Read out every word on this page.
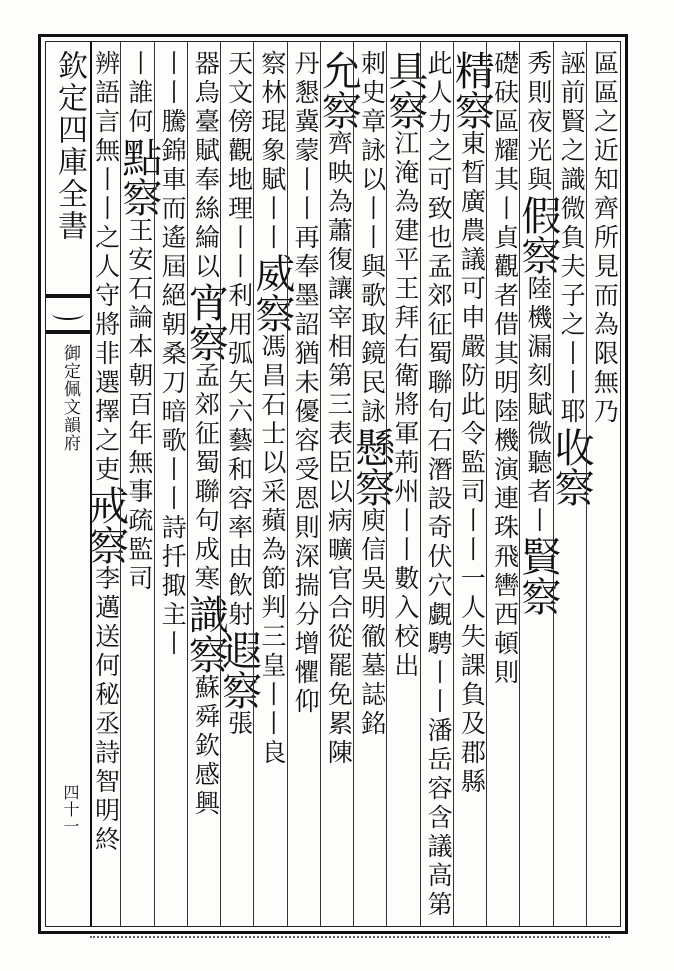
欽定四庫全書
御定佩文韻府
四十一
區區之近知齊所見而為限無乃
誣前賢之識微負夫子之丨丨耶收察
秀則夜光與假察陸機漏刻賦微聽者丨賢察
礎砆區耀其丨貞觀者借其明陸機演連珠飛轡西頓則
精察東晳廣農議可申嚴防此令監司丨丨一人失課負及郡縣
此人力之可致也孟郊征蜀聯句石潛設奇伏穴覷騁丨丨潘岳容含議高第
具察江淹為建平王拜右衛將軍荊州丨丨數入校出
刺史章詠以丨丨與歌取鏡民詠懸察庾信吳明徹墓誌銘
允察齊映為蕭復讓宰相第三表臣以病曠官合從罷免累陳
丹懇冀蒙丨丨再奉墨詔猶未優容受恩則深揣分增懼仰
察林琨象賦丨丨威察馮昌石士以采蘋為節判三皇丨丨良
天文傍觀地理丨丨利用弧矢六藝和容率由飲射遐察張
器烏臺賦奉絲綸以宵察孟郊征蜀聯句成寒識察蘇舜欽感興
丨丨騰錦車而遙屆絕朝桑刀暗歌丨丨詩扦掫主丨
丨誰何點察王安石論本朝百年無事疏監司
辨語言無丨丨之人守將非選擇之吏戒察李邁送何秘丞詩智明終
